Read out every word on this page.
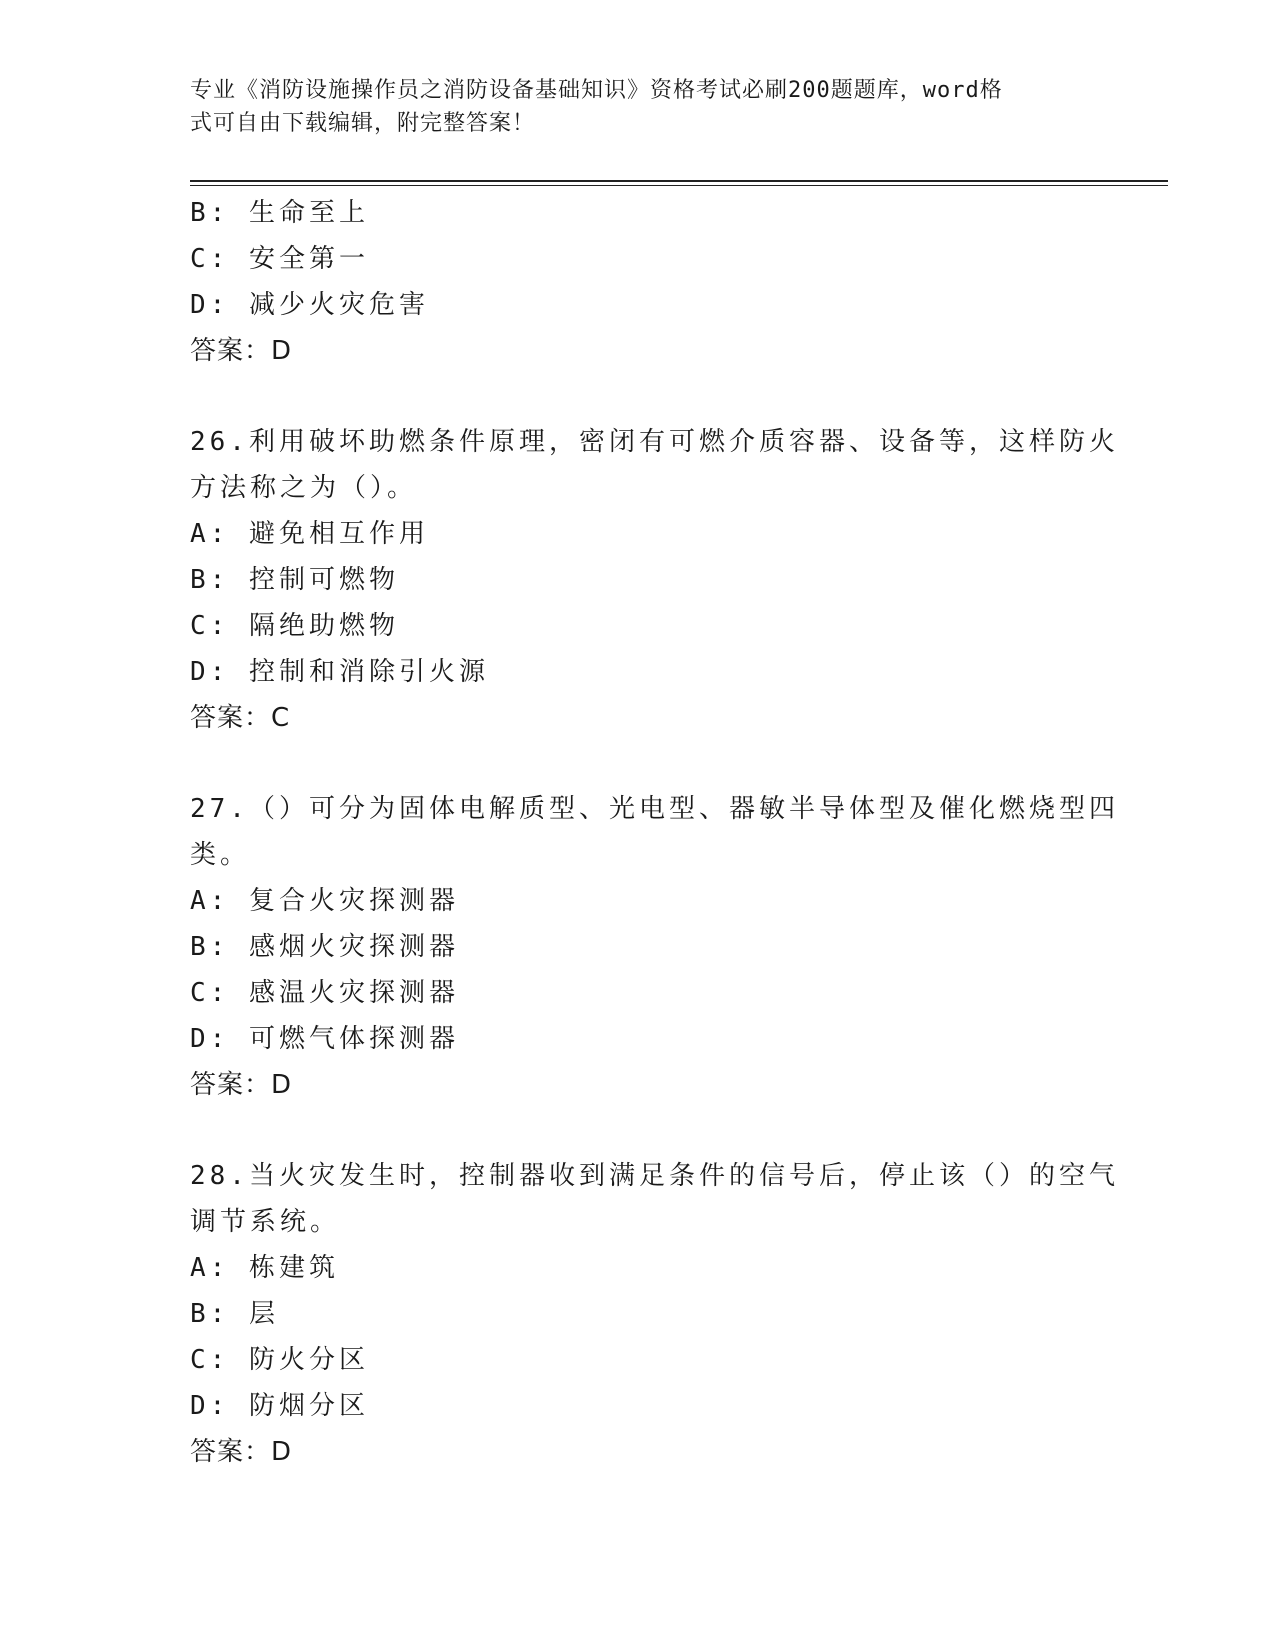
专业《消防设施操作员之消防设备基础知识》资格考试必刷200题题库，word格
式可自由下载编辑，附完整答案！
B: 生命至上
C: 安全第一
D: 减少火灾危害
答案：D
26.利用破坏助燃条件原理，密闭有可燃介质容器、设备等，这样防火
方法称之为（）。
A: 避免相互作用
B: 控制可燃物
C: 隔绝助燃物
D: 控制和消除引火源
答案：C
27.（）可分为固体电解质型、光电型、器敏半导体型及催化燃烧型四
类。
A: 复合火灾探测器
B: 感烟火灾探测器
C: 感温火灾探测器
D: 可燃气体探测器
答案：D
28.当火灾发生时，控制器收到满足条件的信号后，停止该（）的空气
调节系统。
A: 栋建筑
B: 层
C: 防火分区
D: 防烟分区
答案：D
